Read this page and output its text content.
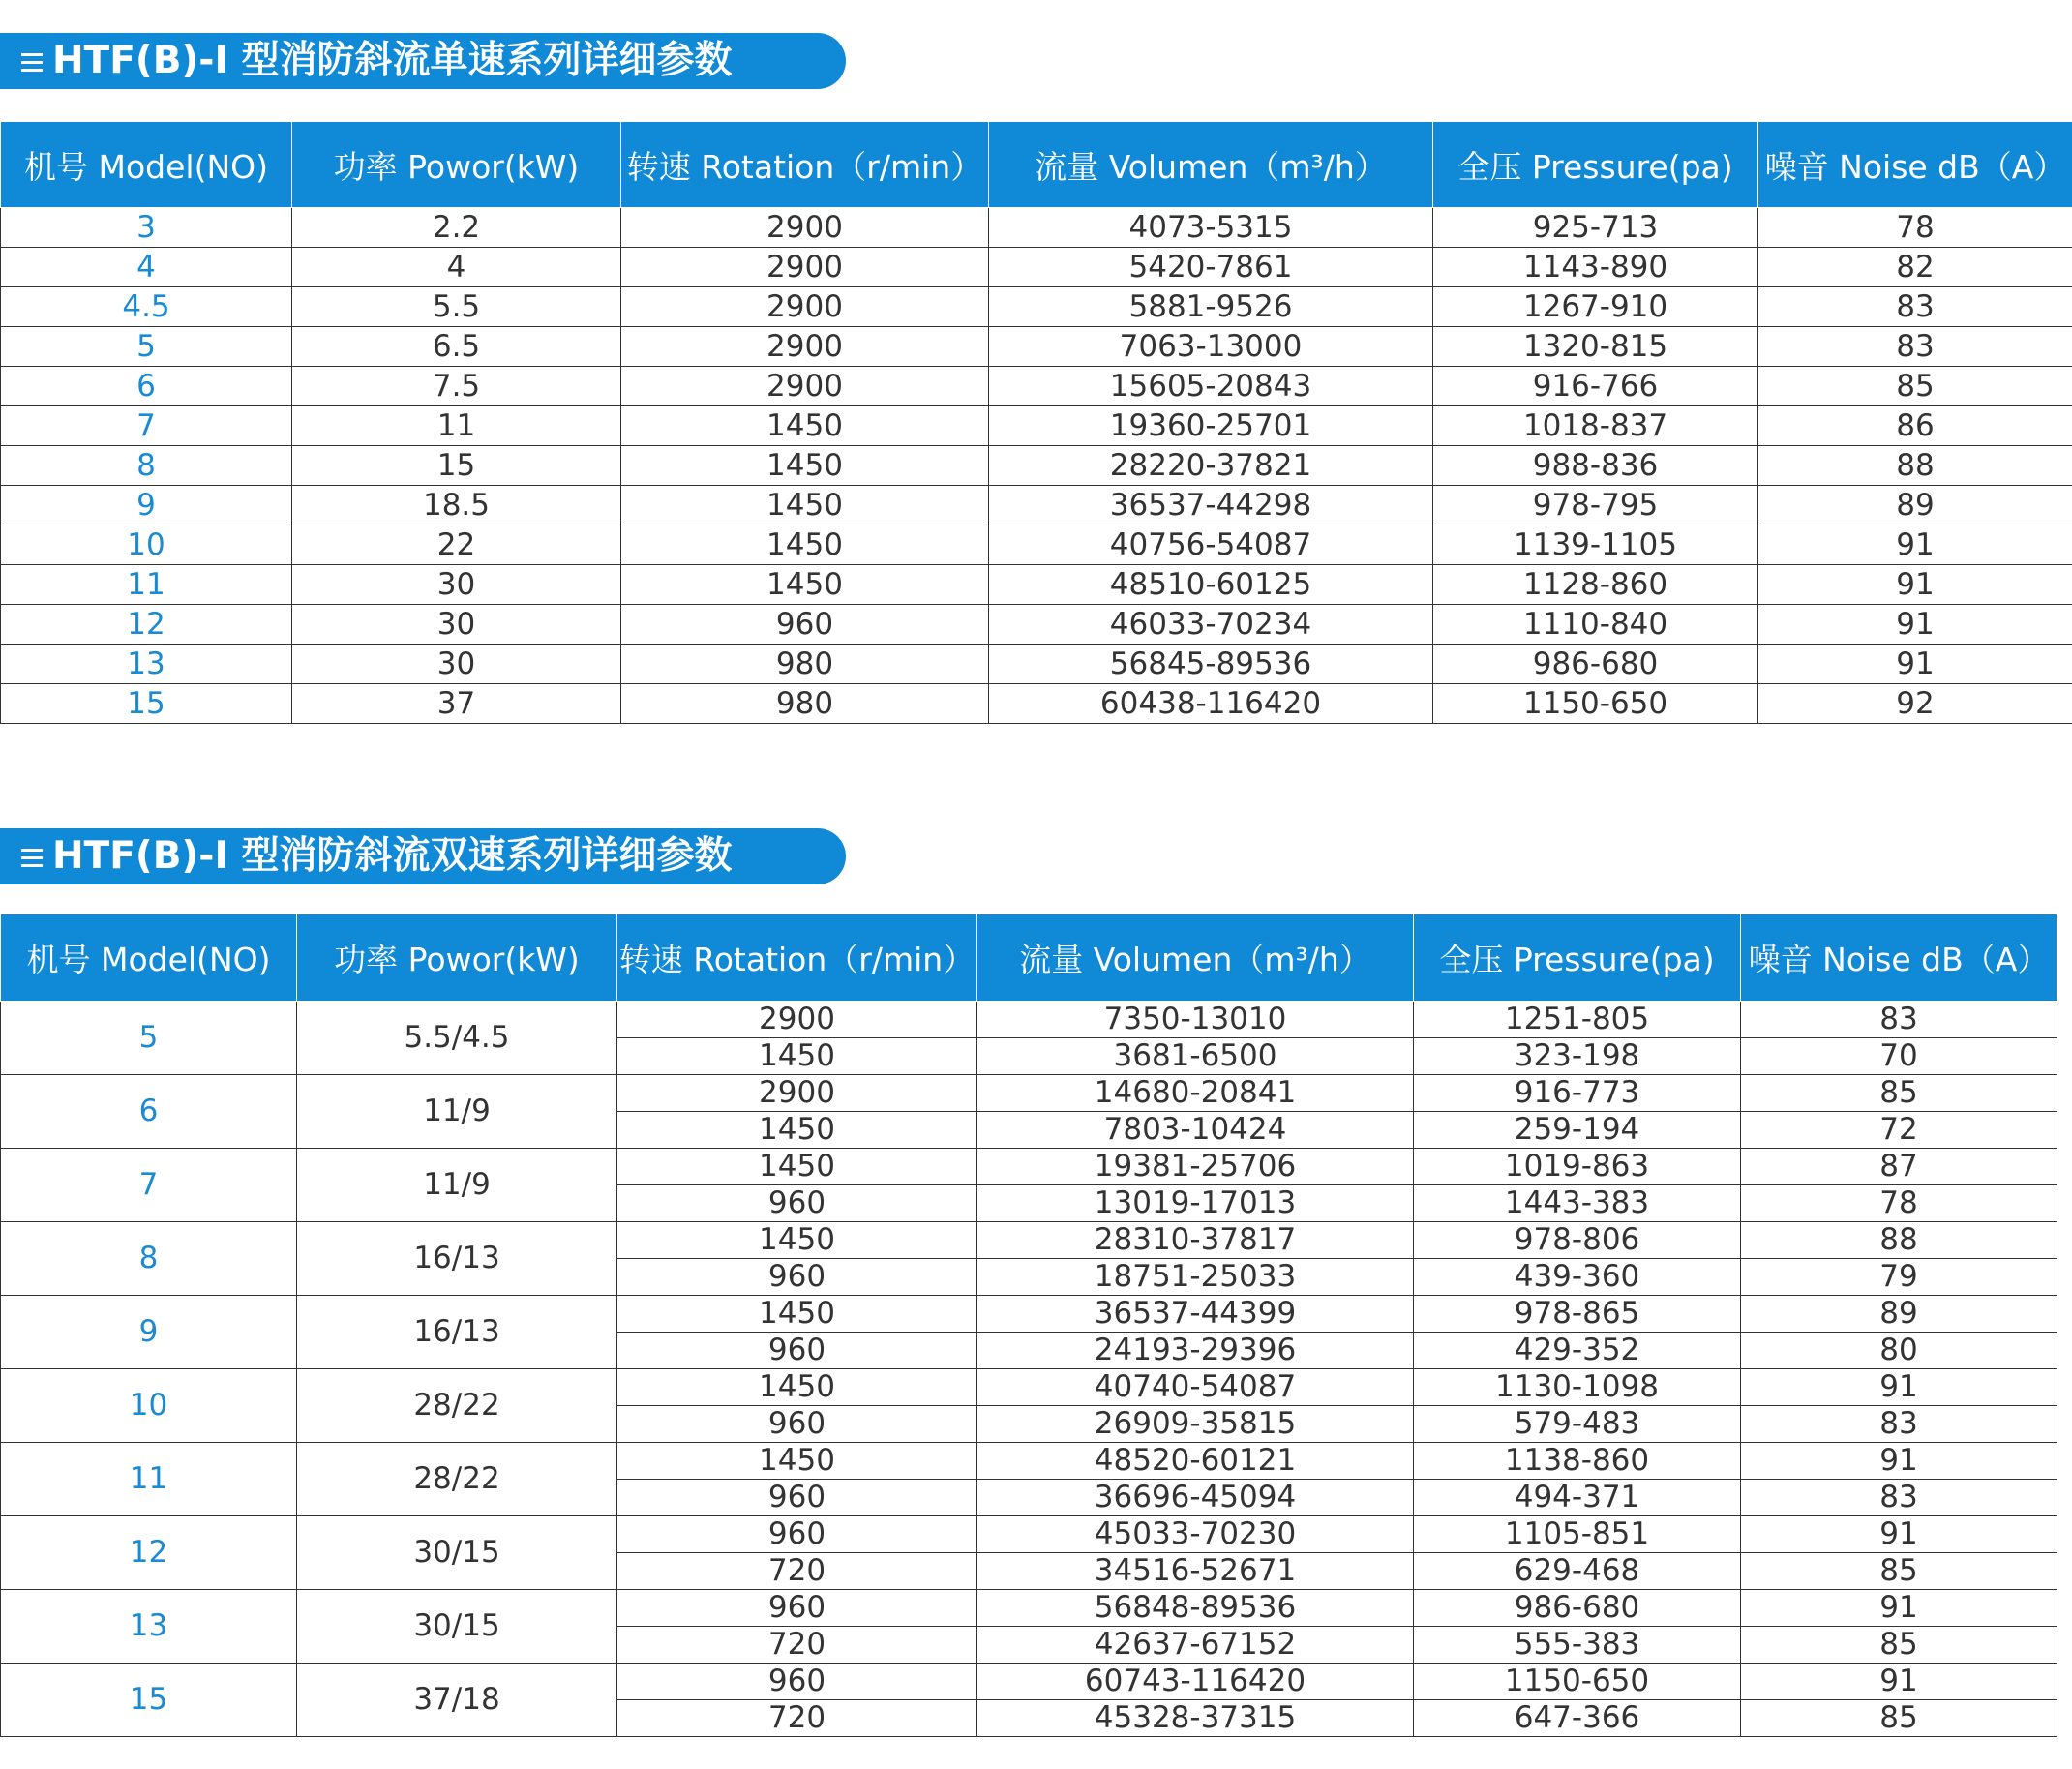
HTF(B)-I 型消防斜流单速系列详细参数
机号 Model(NO)	功率 Powor(kW)	转速 Rotation（r/min）	流量 Volumen（m³/h）	全压 Pressure(pa)	噪音 Noise dB（A）
3	2.2	2900	4073-5315	925-713	78
4	4	2900	5420-7861	1143-890	82
4.5	5.5	2900	5881-9526	1267-910	83
5	6.5	2900	7063-13000	1320-815	83
6	7.5	2900	15605-20843	916-766	85
7	11	1450	19360-25701	1018-837	86
8	15	1450	28220-37821	988-836	88
9	18.5	1450	36537-44298	978-795	89
10	22	1450	40756-54087	1139-1105	91
11	30	1450	48510-60125	1128-860	91
12	30	960	46033-70234	1110-840	91
13	30	980	56845-89536	986-680	91
15	37	980	60438-116420	1150-650	92
HTF(B)-I 型消防斜流双速系列详细参数
机号 Model(NO)	功率 Powor(kW)	转速 Rotation（r/min）	流量 Volumen（m³/h）	全压 Pressure(pa)	噪音 Noise dB（A）
5	5.5/4.5	2900	7350-13010	1251-805	83
		1450	3681-6500	323-198	70
6	11/9	2900	14680-20841	916-773	85
		1450	7803-10424	259-194	72
7	11/9	1450	19381-25706	1019-863	87
		960	13019-17013	1443-383	78
8	16/13	1450	28310-37817	978-806	88
		960	18751-25033	439-360	79
9	16/13	1450	36537-44399	978-865	89
		960	24193-29396	429-352	80
10	28/22	1450	40740-54087	1130-1098	91
		960	26909-35815	579-483	83
11	28/22	1450	48520-60121	1138-860	91
		960	36696-45094	494-371	83
12	30/15	960	45033-70230	1105-851	91
		720	34516-52671	629-468	85
13	30/15	960	56848-89536	986-680	91
		720	42637-67152	555-383	85
15	37/18	960	60743-116420	1150-650	91
		720	45328-37315	647-366	85
